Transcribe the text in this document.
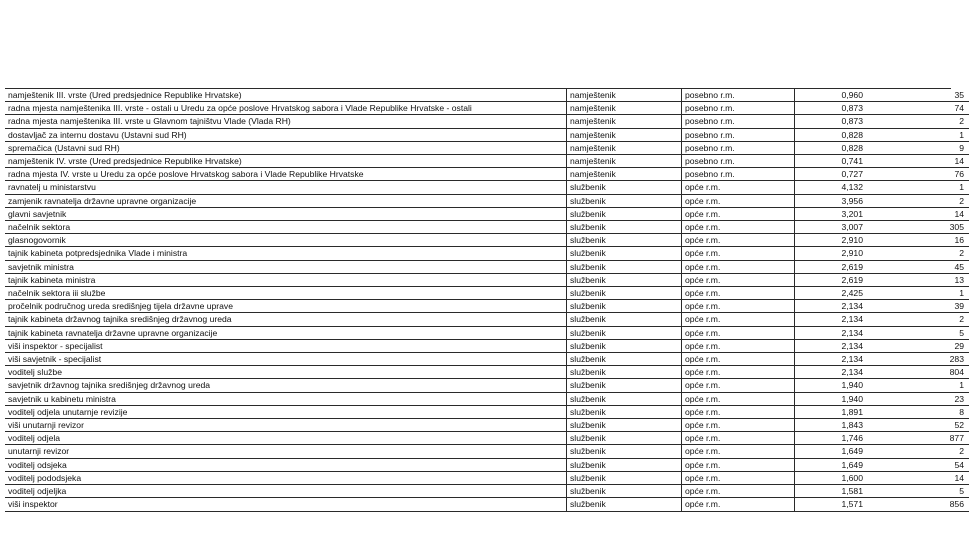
namještenik III. vrste (Ured predsjednice Republike Hrvatske)	namještenik	posebno r.m.	0,960	35
radna mjesta namještenika III. vrste - ostali u Uredu za opće poslove Hrvatskog sabora i Vlade Republike Hrvatske - ostali	namještenik	posebno r.m.	0,873	74
radna mjesta namještenika III. vrste u Glavnom tajništvu Vlade (Vlada RH)	namještenik	posebno r.m.	0,873	2
dostavljač za internu dostavu (Ustavni sud RH)	namještenik	posebno r.m.	0,828	1
spremačica (Ustavni sud RH)	namještenik	posebno r.m.	0,828	9
namještenik IV. vrste (Ured predsjednice Republike Hrvatske)	namještenik	posebno r.m.	0,741	14
radna mjesta IV. vrste u Uredu za opće poslove Hrvatskog sabora i Vlade Republike Hrvatske	namještenik	posebno r.m.	0,727	76
ravnatelj u ministarstvu	službenik	opće r.m.	4,132	1
zamjenik ravnatelja državne upravne organizacije	službenik	opće r.m.	3,956	2
glavni savjetnik	službenik	opće r.m.	3,201	14
načelnik sektora	službenik	opće r.m.	3,007	305
glasnogovornik	službenik	opće r.m.	2,910	16
tajnik kabineta potpredsjednika Vlade i ministra	službenik	opće r.m.	2,910	2
savjetnik ministra	službenik	opće r.m.	2,619	45
tajnik kabineta ministra	službenik	opće r.m.	2,619	13
načelnik sektora iii službe	službenik	opće r.m.	2,425	1
pročelnik područnog ureda središnjeg tijela državne uprave	službenik	opće r.m.	2,134	39
tajnik kabineta državnog tajnika središnjeg državnog ureda	službenik	opće r.m.	2,134	2
tajnik kabineta ravnatelja državne upravne organizacije	službenik	opće r.m.	2,134	5
viši inspektor - specijalist	službenik	opće r.m.	2,134	29
viši savjetnik - specijalist	službenik	opće r.m.	2,134	283
voditelj službe	službenik	opće r.m.	2,134	804
savjetnik državnog tajnika središnjeg državnog ureda	službenik	opće r.m.	1,940	1
savjetnik u kabinetu ministra	službenik	opće r.m.	1,940	23
voditelj odjela unutarnje revizije	službenik	opće r.m.	1,891	8
viši unutarnji revizor	službenik	opće r.m.	1,843	52
voditelj odjela	službenik	opće r.m.	1,746	877
unutarnji revizor	službenik	opće r.m.	1,649	2
voditelj odsjeka	službenik	opće r.m.	1,649	54
voditelj pododsjeka	službenik	opće r.m.	1,600	14
voditelj odjeljka	službenik	opće r.m.	1,581	5
viši inspektor	službenik	opće r.m.	1,571	856
